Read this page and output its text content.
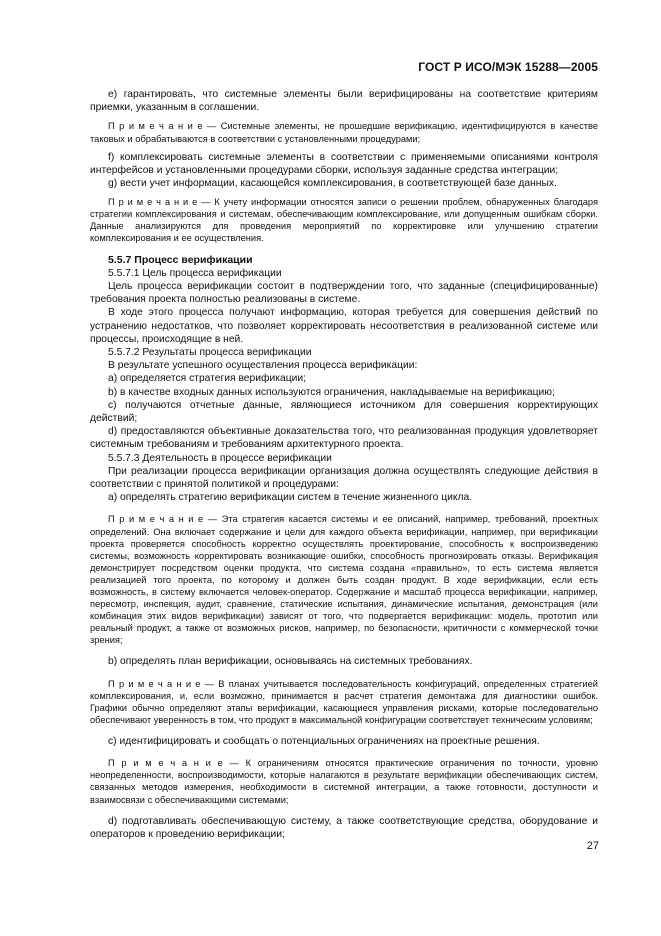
ГОСТ Р ИСО/МЭК 15288—2005

е) гарантировать, что системные элементы были верифицированы на соответствие критериям приемки, указанным в соглашении.

П р и м е ч а н и е — Системные элементы, не прошедшие верификацию, идентифицируются в качестве таковых и обрабатываются в соответствии с установленными процедурами;

f) комплексировать системные элементы в соответствии с применяемыми описаниями контроля интерфейсов и установленными процедурами сборки, используя заданные средства интеграции;

g) вести учет информации, касающейся комплексирования, в соответствующей базе данных.

П р и м е ч а н и е — К учету информации относятся записи о решении проблем, обнаруженных благодаря стратегии комплексирования и системам, обеспечивающим комплексирование, или допущенным ошибкам сборки. Данные анализируются для проведения мероприятий по корректировке или улучшению стратегии комплексирования и ее осуществления.

5.5.7 Процесс верификации

5.5.7.1 Цель процесса верификации

Цель процесса верификации состоит в подтверждении того, что заданные (специфицированные) требования проекта полностью реализованы в системе.

В ходе этого процесса получают информацию, которая требуется для совершения действий по устранению недостатков, что позволяет корректировать несоответствия в реализованной системе или процессы, происходящие в ней.

5.5.7.2 Результаты процесса верификации

В результате успешного осуществления процесса верификации:

а) определяется стратегия верификации;

b) в качестве входных данных используются ограничения, накладываемые на верификацию;

с) получаются отчетные данные, являющиеся источником для совершения корректирующих действий;

d) предоставляются объективные доказательства того, что реализованная продукция удовлетворяет системным требованиям и требованиям архитектурного проекта.

5.5.7.3 Деятельность в процессе верификации

При реализации процесса верификации организация должна осуществлять следующие действия в соответствии с принятой политикой и процедурами:

а) определять стратегию верификации систем в течение жизненного цикла.

П р и м е ч а н и е — Эта стратегия касается системы и ее описаний, например, требований, проектных определений. Она включает содержание и цели для каждого объекта верификации, например, при верификации проекта проверяется способность корректно осуществлять проектирование, способность к воспроизведению системы, возможность корректировать возникающие ошибки, способность прогнозировать отказы. Верификация демонстрирует посредством оценки продукта, что система создана «правильно», то есть система является реализацией того проекта, по которому и должен быть создан продукт. В ходе верификации, если есть возможность, в систему включается человек-оператор. Содержание и масштаб процесса верификации, например, пересмотр, инспекция, аудит, сравнение, статические испытания, динамические испытания, демонстрация (или комбинация этих видов верификации) зависят от того, что подвергается верификации: модель, прототип или реальный продукт, а также от возможных рисков, например, по безопасности, критичности с коммерческой точки зрения;

b) определять план верификации, основываясь на системных требованиях.

П р и м е ч а н и е — В планах учитывается последовательность конфигураций, определенных стратегией комплексирования, и, если возможно, принимается в расчет стратегия демонтажа для диагностики ошибок. Графики обычно определяют этапы верификации, касающиеся управления рисками, которые последовательно обеспечивают уверенность в том, что продукт в максимальной конфигурации соответствует техническим условиям;

с) идентифицировать и сообщать о потенциальных ограничениях на проектные решения.

П р и м е ч а н и е — К ограничениям относятся практические ограничения по точности, уровню неопределенности, воспроизводимости, которые налагаются в результате верификации обеспечивающих систем, связанных методов измерения, необходимости в системной интеграции, а также готовности, доступности и взаимосвязи с обеспечивающими системами;

d) подготавливать обеспечивающую систему, а также соответствующие средства, оборудование и операторов к проведению верификации;

27
